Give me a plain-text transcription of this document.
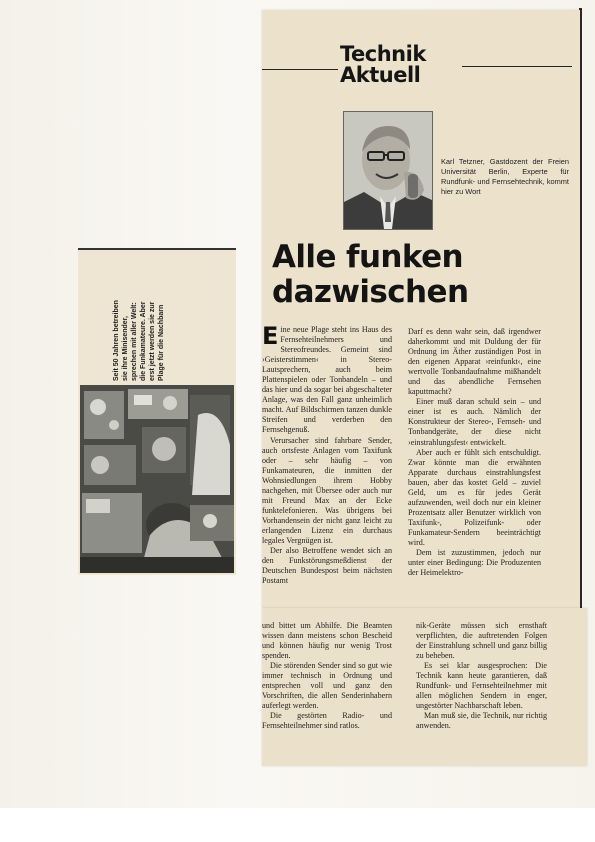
Technik
Aktuell
Karl Tetzner, Gastdozent der Freien Universität Berlin, Experte für Rundfunk- und Fernsehtechnik, kommt hier zu Wort
Alle funken
dazwischen

Eine neue Plage steht ins Haus des Fernsehteilnehmers und Stereofreundes. Gemeint sind ›Geisterstimmen‹ in Stereo-Lautsprechern, auch beim Plattenspielen oder Tonbandeln – und das hier und da sogar bei abgeschalteter Anlage, was den Fall ganz unheimlich macht. Auf Bildschirmen tanzen dunkle Streifen und verderben den Fernsehgenuß.

Verursacher sind fahrbare Sender, auch ortsfeste Anlagen vom Taxifunk oder – sehr häufig – von Funkamateuren, die inmitten der Wohnsiedlungen ihrem Hobby nachgehen, mit Übersee oder auch nur mit Freund Max an der Ecke funktelefonieren. Was übrigens bei Vorhandensein der nicht ganz leicht zu erlangenden Lizenz ein durchaus legales Vergnügen ist.

Der also Betroffene wendet sich an den Funkstörungsmeßdienst der Deutschen Bundespost beim nächsten Postamt

Darf es denn wahr sein, daß irgendwer daherkommt und mit Duldung der für Ordnung im Äther zuständigen Post in den eigenen Apparat ›reinfunkt‹, eine wertvolle Tonbandaufnahme mißhandelt und das abendliche Fernsehen kaputtmacht?

Einer muß daran schuld sein – und einer ist es auch. Nämlich der Konstrukteur der Stereo-, Fernseh- und Tonbandgeräte, der diese nicht ›einstrahlungsfest‹ entwickelt.

Aber auch er fühlt sich entschuldigt. Zwar könnte man die erwähnten Apparate durchaus einstrahlungsfest bauen, aber das kostet Geld – zuviel Geld, um es für jedes Gerät aufzuwenden, weil doch nur ein kleiner Prozentsatz aller Benutzer wirklich von Taxifunk-, Polizeifunk- oder Funkamateur-Sendern beeinträchtigt wird.

Dem ist zuzustimmen, jedoch nur unter einer Bedingung: Die Produzenten der Heimelektro-

und bittet um Abhilfe. Die Beamten wissen dann meistens schon Bescheid und können häufig nur wenig Trost spenden.

Die störenden Sender sind so gut wie immer technisch in Ordnung und entsprechen voll und ganz den Vorschriften, die allen Senderinhabern auferlegt werden.

Die gestörten Radio- und Fernsehteilnehmer sind ratlos.

nik-Geräte müssen sich ernsthaft verpflichten, die auftretenden Folgen der Einstrahlung schnell und ganz billig zu beheben.

Es sei klar ausgesprochen: Die Technik kann heute garantieren, daß Rundfunk- und Fernsehteilnehmer mit allen möglichen Sendern in enger, ungestörter Nachbarschaft leben.

Man muß sie, die Technik, nur richtig anwenden.

Seit 50 Jahren betreiben sie ihre Minisender, sprechen mit aller Welt: die Funkamateure. Aber erst jetzt werden sie zur Plage für die Nachbarn
